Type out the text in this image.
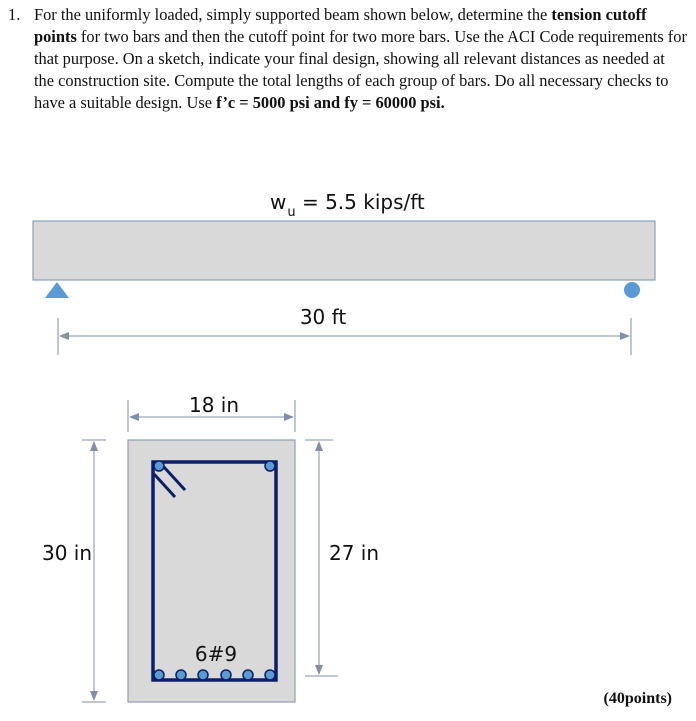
1. For the uniformly loaded, simply supported beam shown below, determine the tension cutoff points for two bars and then the cutoff point for two more bars. Use the ACI Code requirements for that purpose. On a sketch, indicate your final design, showing all relevant distances as needed at the construction site. Compute the total lengths of each group of bars. Do all necessary checks to have a suitable design. Use f’c = 5000 psi and fy = 60000 psi.
$w_u = 5.5$ kips/ft
30 ft
18 in
6#9
30 in	27 in
(40points)
